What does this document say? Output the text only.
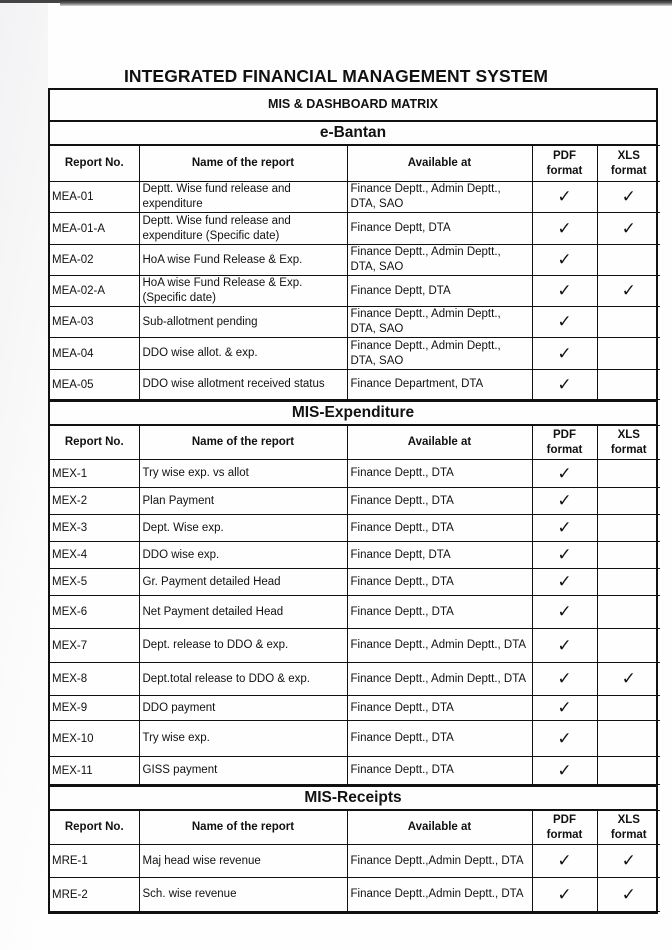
INTEGRATED FINANCIAL MANAGEMENT SYSTEM
MIS & DASHBOARD MATRIX
e-Bantan
Report No.	Name of the report	Available at	PDF format	XLS format
MEA-01	Deptt. Wise fund release and expenditure	Finance Deptt., Admin Deptt., DTA, SAO	✓	✓
MEA-01-A	Deptt. Wise fund release and expenditure (Specific date)	Finance Deptt, DTA	✓	✓
MEA-02	HoA wise Fund Release & Exp.	Finance Deptt., Admin Deptt., DTA, SAO	✓	
MEA-02-A	HoA wise Fund Release & Exp. (Specific date)	Finance Deptt, DTA	✓	✓
MEA-03	Sub-allotment pending	Finance Deptt., Admin Deptt., DTA, SAO	✓	
MEA-04	DDO wise allot. & exp.	Finance Deptt., Admin Deptt., DTA, SAO	✓	
MEA-05	DDO wise allotment received status	Finance Department, DTA	✓	
MIS-Expenditure
Report No.	Name of the report	Available at	PDF format	XLS format
MEX-1	Try wise exp. vs allot	Finance Deptt., DTA	✓	
MEX-2	Plan Payment	Finance Deptt., DTA	✓	
MEX-3	Dept. Wise exp.	Finance Deptt., DTA	✓	
MEX-4	DDO wise exp.	Finance Deptt, DTA	✓	
MEX-5	Gr. Payment detailed Head	Finance Deptt., DTA	✓	
MEX-6	Net Payment detailed Head	Finance Deptt., DTA	✓	
MEX-7	Dept. release to DDO & exp.	Finance Deptt., Admin Deptt., DTA	✓	
MEX-8	Dept.total release to DDO & exp.	Finance Deptt., Admin Deptt., DTA	✓	✓
MEX-9	DDO payment	Finance Deptt., DTA	✓	
MEX-10	Try wise exp.	Finance Deptt., DTA	✓	
MEX-11	GISS payment	Finance Deptt., DTA	✓	
MIS-Receipts
Report No.	Name of the report	Available at	PDF format	XLS format
MRE-1	Maj head wise revenue	Finance Deptt.,Admin Deptt., DTA	✓	✓
MRE-2	Sch. wise revenue	Finance Deptt.,Admin Deptt., DTA	✓	✓
